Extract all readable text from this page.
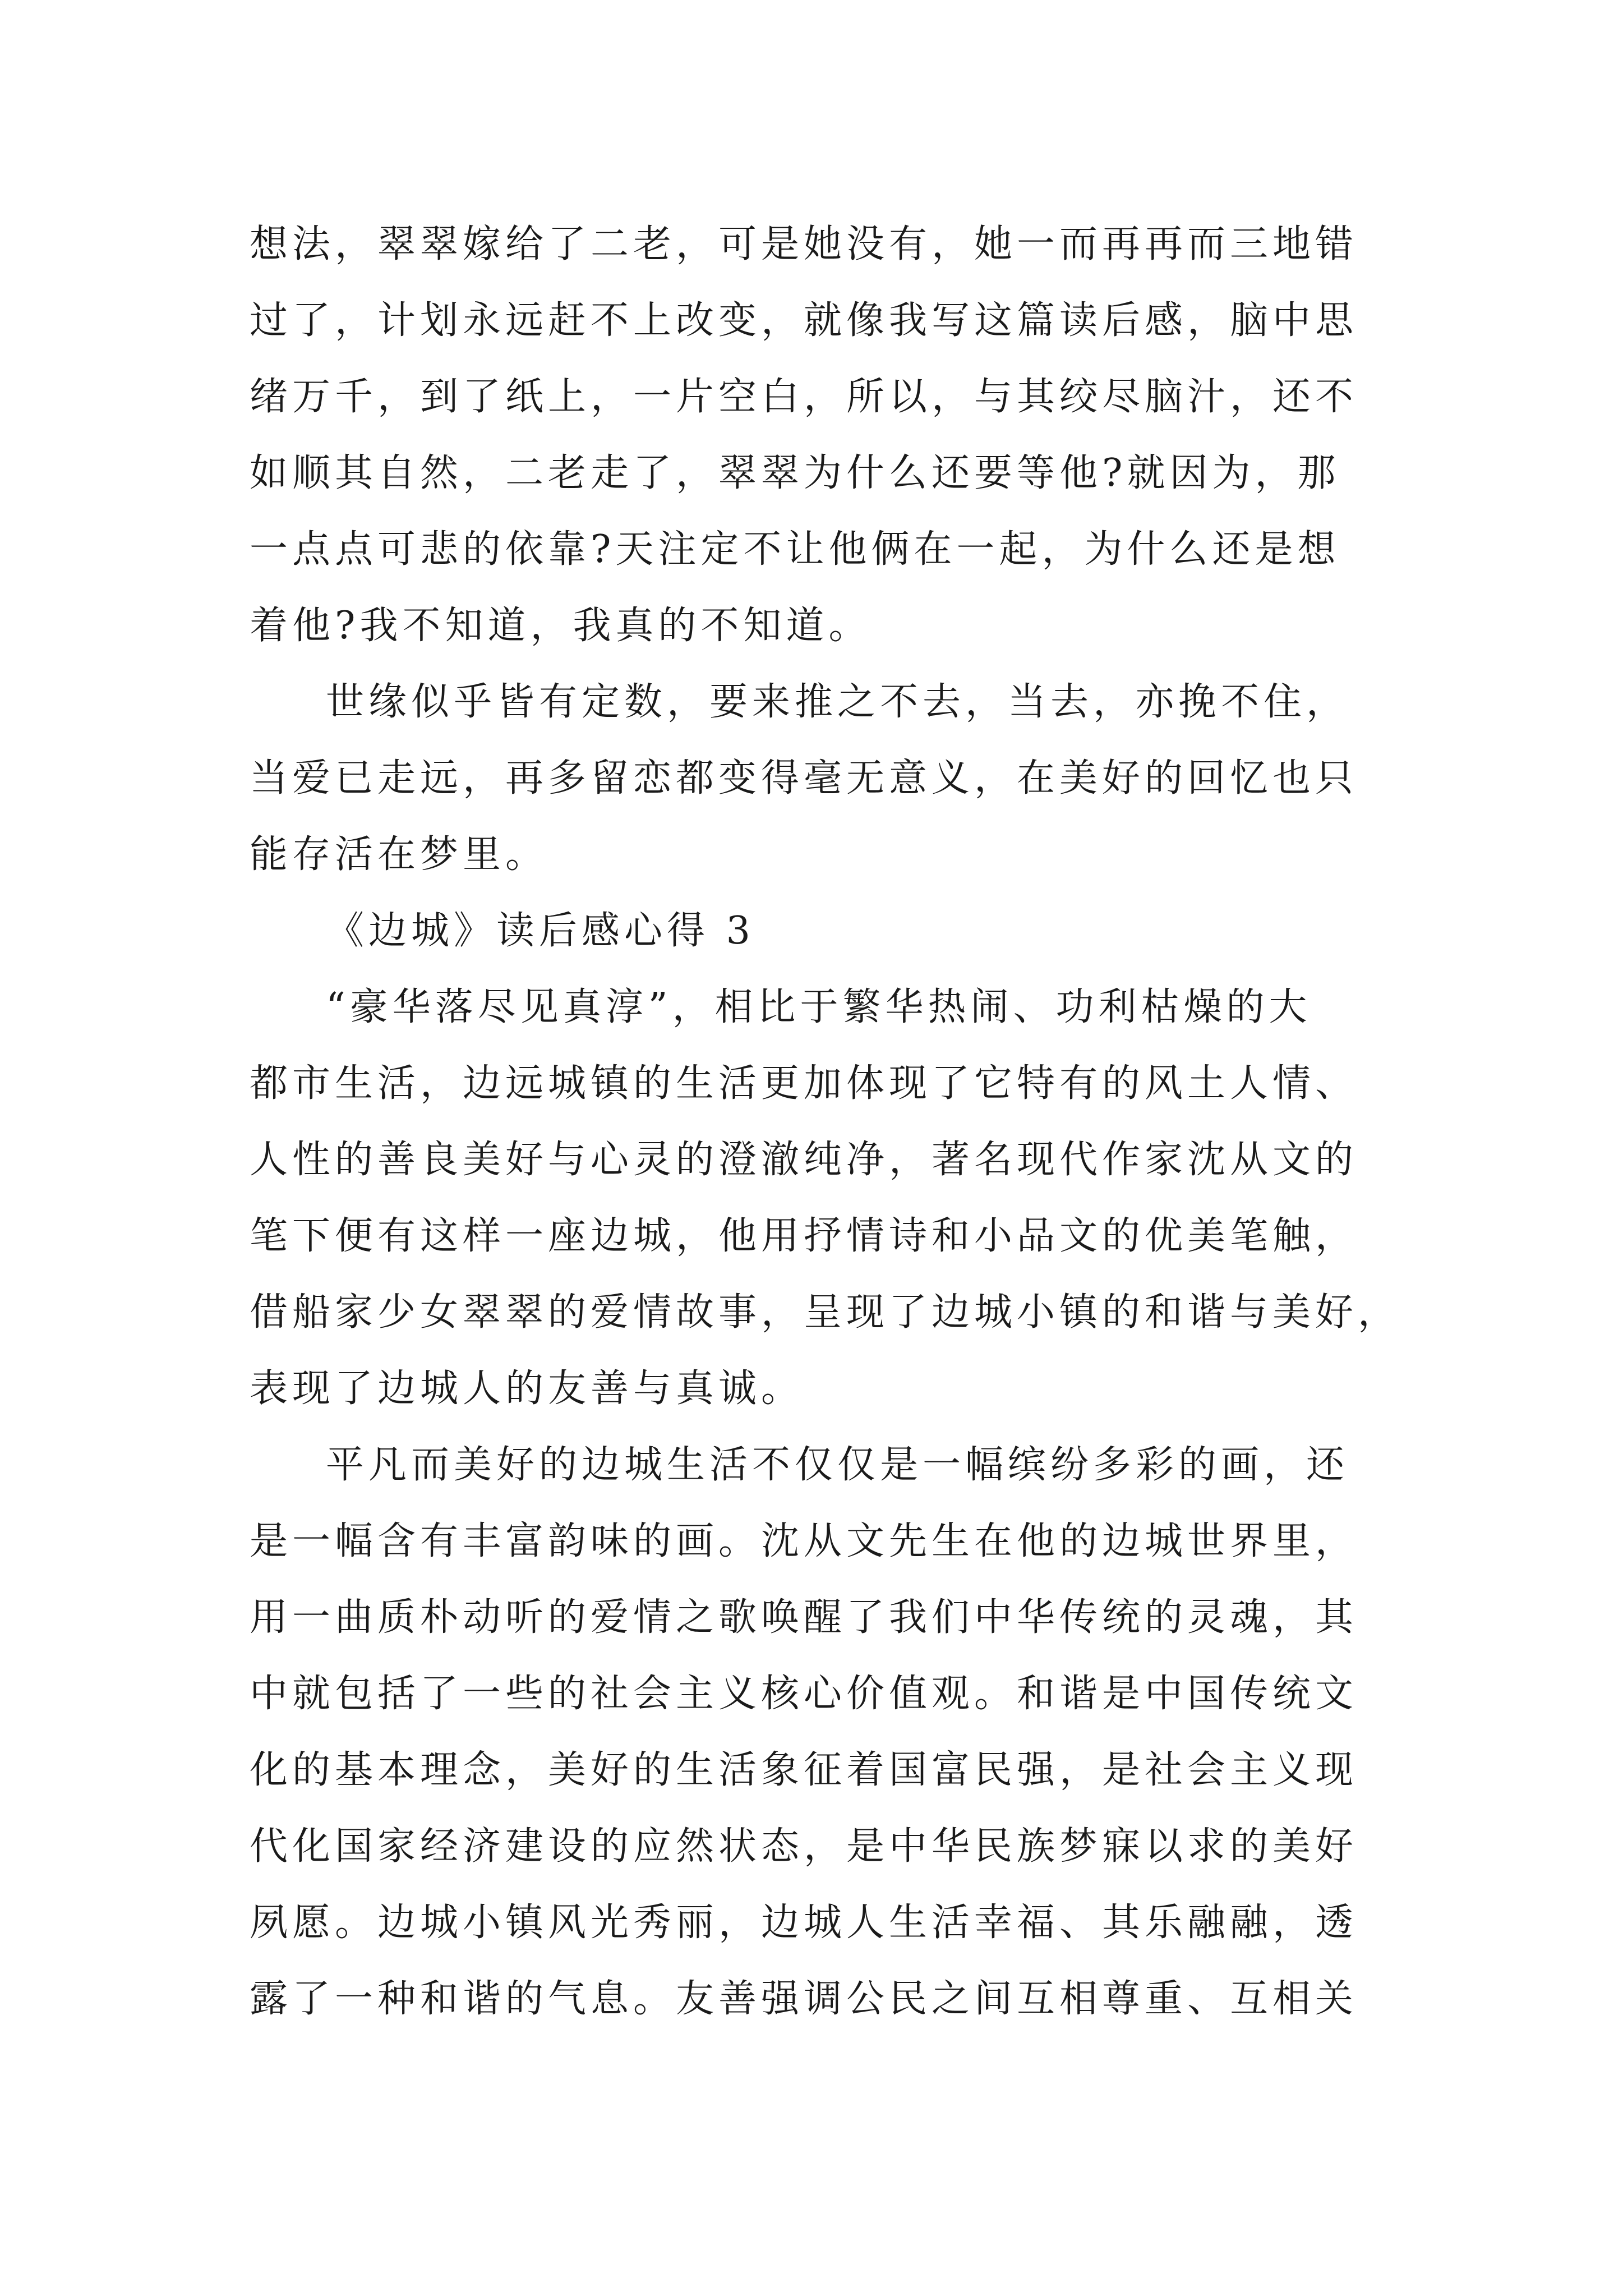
想法，翠翠嫁给了二老，可是她没有，她一而再再而三地错
过了，计划永远赶不上改变，就像我写这篇读后感，脑中思
绪万千，到了纸上，一片空白，所以，与其绞尽脑汁，还不
如顺其自然，二老走了，翠翠为什么还要等他?就因为，那
一点点可悲的依靠?天注定不让他俩在一起，为什么还是想
着他?我不知道，我真的不知道。
世缘似乎皆有定数，要来推之不去，当去，亦挽不住，
当爱已走远，再多留恋都变得毫无意义，在美好的回忆也只
能存活在梦里。
《边城》读后感心得 3
“豪华落尽见真淳”，相比于繁华热闹、功利枯燥的大
都市生活，边远城镇的生活更加体现了它特有的风土人情、
人性的善良美好与心灵的澄澈纯净，著名现代作家沈从文的
笔下便有这样一座边城，他用抒情诗和小品文的优美笔触，
借船家少女翠翠的爱情故事，呈现了边城小镇的和谐与美好，
表现了边城人的友善与真诚。
平凡而美好的边城生活不仅仅是一幅缤纷多彩的画，还
是一幅含有丰富韵味的画。沈从文先生在他的边城世界里，
用一曲质朴动听的爱情之歌唤醒了我们中华传统的灵魂，其
中就包括了一些的社会主义核心价值观。和谐是中国传统文
化的基本理念，美好的生活象征着国富民强，是社会主义现
代化国家经济建设的应然状态，是中华民族梦寐以求的美好
夙愿。边城小镇风光秀丽，边城人生活幸福、其乐融融，透
露了一种和谐的气息。友善强调公民之间互相尊重、互相关
